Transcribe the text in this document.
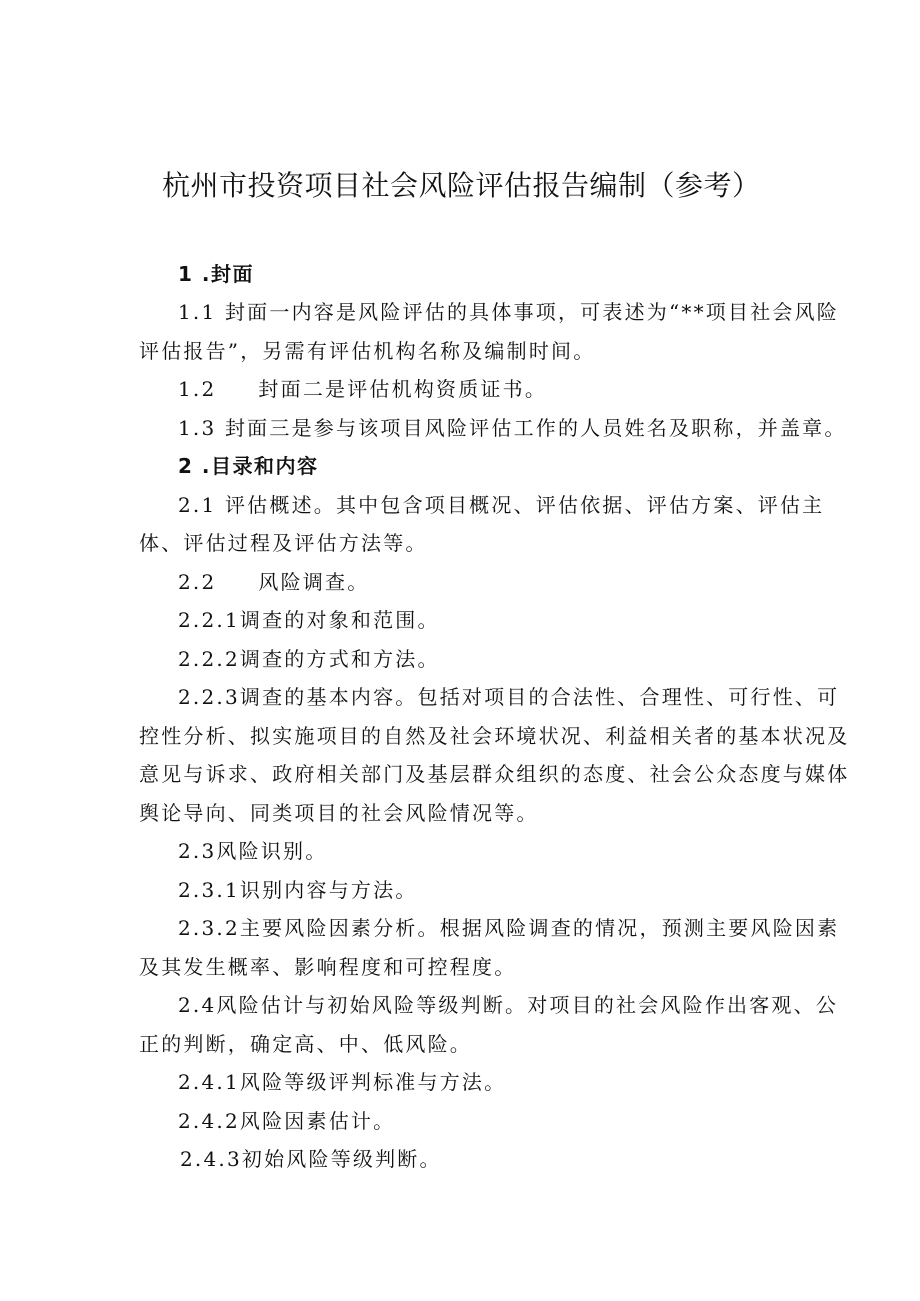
杭州市投资项目社会风险评估报告编制（参考）

1 .封面

1.1 封面一内容是风险评估的具体事项，可表述为“**项目社会风险

评估报告”，另需有评估机构名称及编制时间。

1.2 封面二是评估机构资质证书。

1.3 封面三是参与该项目风险评估工作的人员姓名及职称，并盖章。

2 .目录和内容

2.1 评估概述。其中包含项目概况、评估依据、评估方案、评估主

体、评估过程及评估方法等。

2.2 风险调查。

2.2.1调查的对象和范围。

2.2.2调查的方式和方法。

2.2.3调查的基本内容。包括对项目的合法性、合理性、可行性、可

控性分析、拟实施项目的自然及社会环境状况、利益相关者的基本状况及

意见与诉求、政府相关部门及基层群众组织的态度、社会公众态度与媒体

舆论导向、同类项目的社会风险情况等。

2.3风险识别。

2.3.1识别内容与方法。

2.3.2主要风险因素分析。根据风险调查的情况，预测主要风险因素

及其发生概率、影响程度和可控程度。

2.4风险估计与初始风险等级判断。对项目的社会风险作出客观、公

正的判断，确定高、中、低风险。

2.4.1风险等级评判标准与方法。

2.4.2风险因素估计。

2.4.3初始风险等级判断。
